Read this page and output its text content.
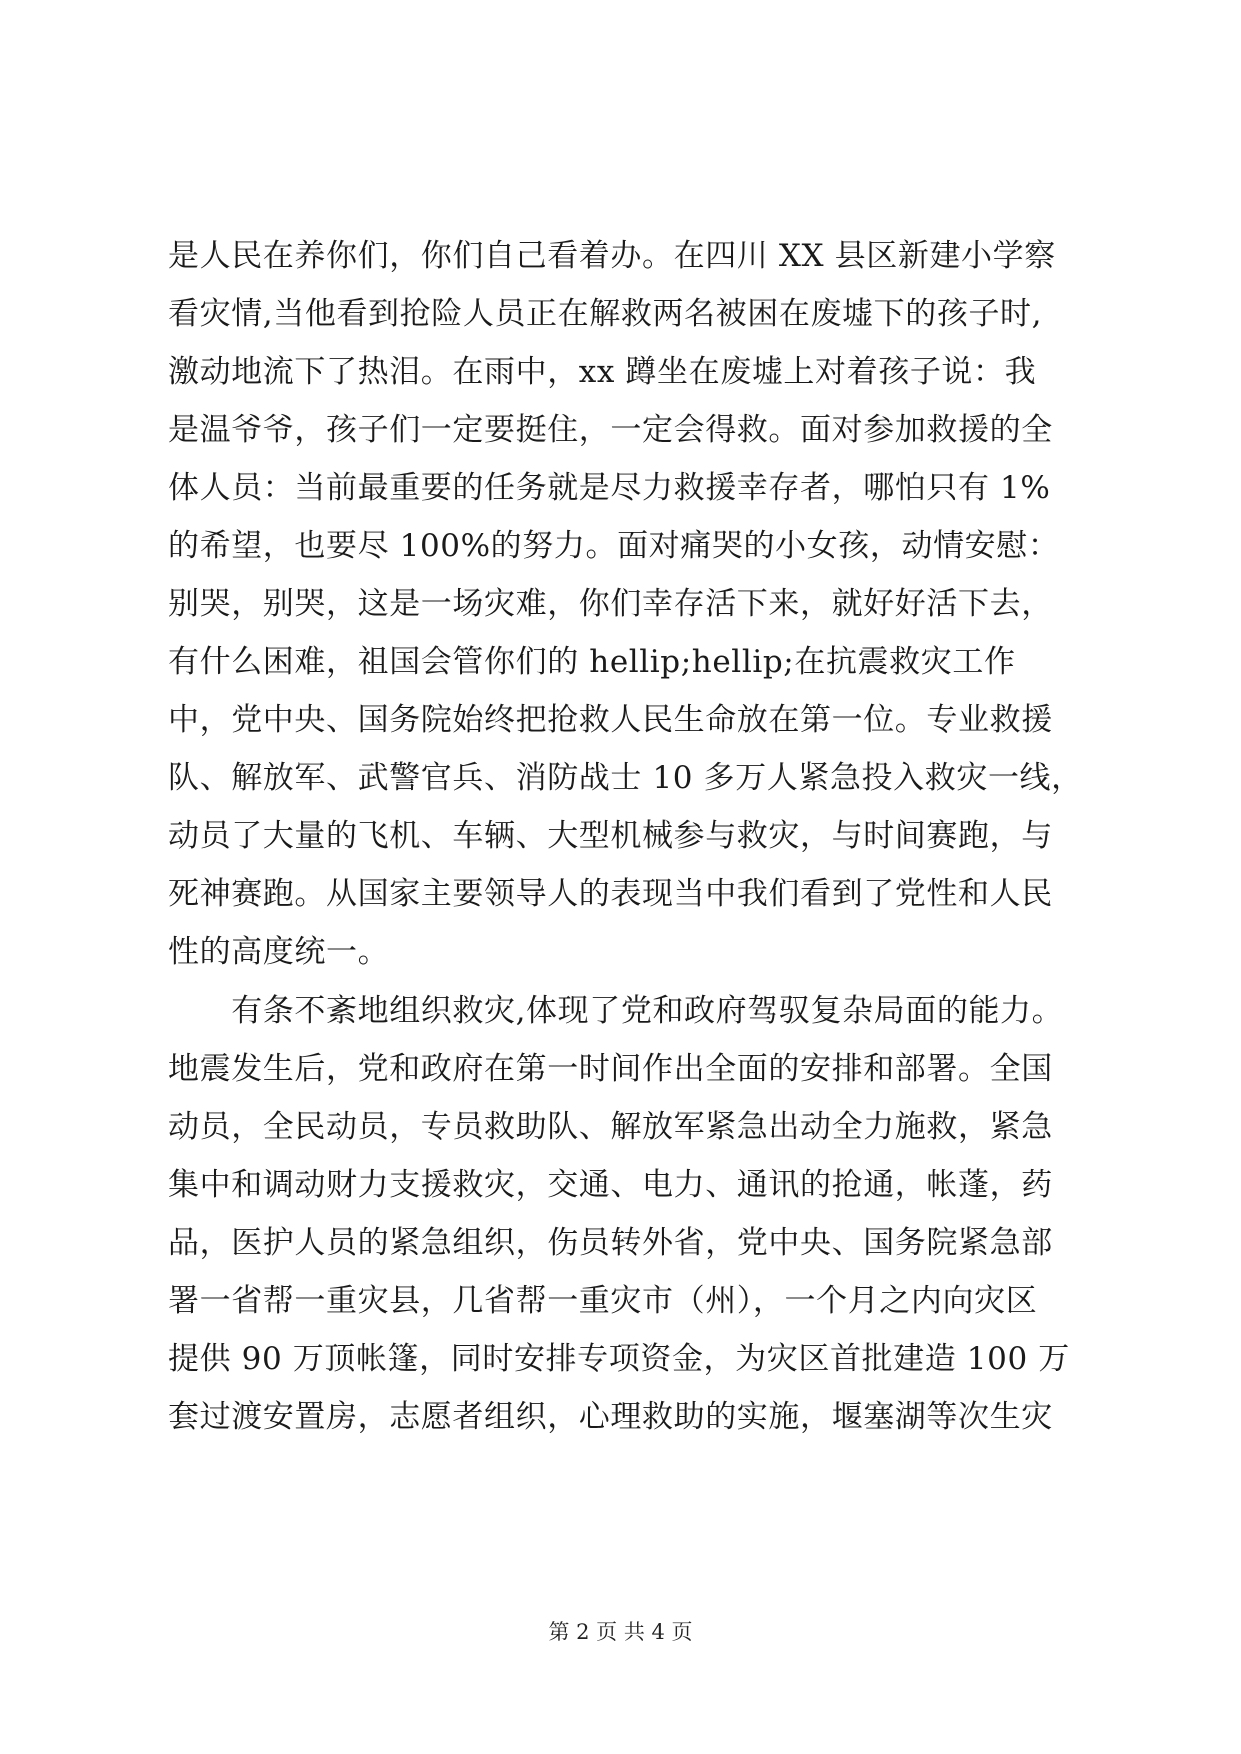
是人民在养你们，你们自己看着办。在四川 XX 县区新建小学察
看灾情,当他看到抢险人员正在解救两名被困在废墟下的孩子时,
激动地流下了热泪。在雨中，xx 蹲坐在废墟上对着孩子说：我
是温爷爷，孩子们一定要挺住，一定会得救。面对参加救援的全
体人员：当前最重要的任务就是尽力救援幸存者，哪怕只有 1%
的希望，也要尽 100%的努力。面对痛哭的小女孩，动情安慰：
别哭，别哭，这是一场灾难，你们幸存活下来，就好好活下去，
有什么困难，祖国会管你们的 hellip;hellip;在抗震救灾工作
中，党中央、国务院始终把抢救人民生命放在第一位。专业救援
队、解放军、武警官兵、消防战士 10 多万人紧急投入救灾一线，
动员了大量的飞机、车辆、大型机械参与救灾，与时间赛跑，与
死神赛跑。从国家主要领导人的表现当中我们看到了党性和人民
性的高度统一。
　　有条不紊地组织救灾,体现了党和政府驾驭复杂局面的能力。
地震发生后，党和政府在第一时间作出全面的安排和部署。全国
动员，全民动员，专员救助队、解放军紧急出动全力施救，紧急
集中和调动财力支援救灾，交通、电力、通讯的抢通，帐蓬，药
品，医护人员的紧急组织，伤员转外省，党中央、国务院紧急部
署一省帮一重灾县，几省帮一重灾市（州），一个月之内向灾区
提供 90 万顶帐篷，同时安排专项资金，为灾区首批建造 100 万
套过渡安置房，志愿者组织，心理救助的实施，堰塞湖等次生灾
第 2 页 共 4 页
